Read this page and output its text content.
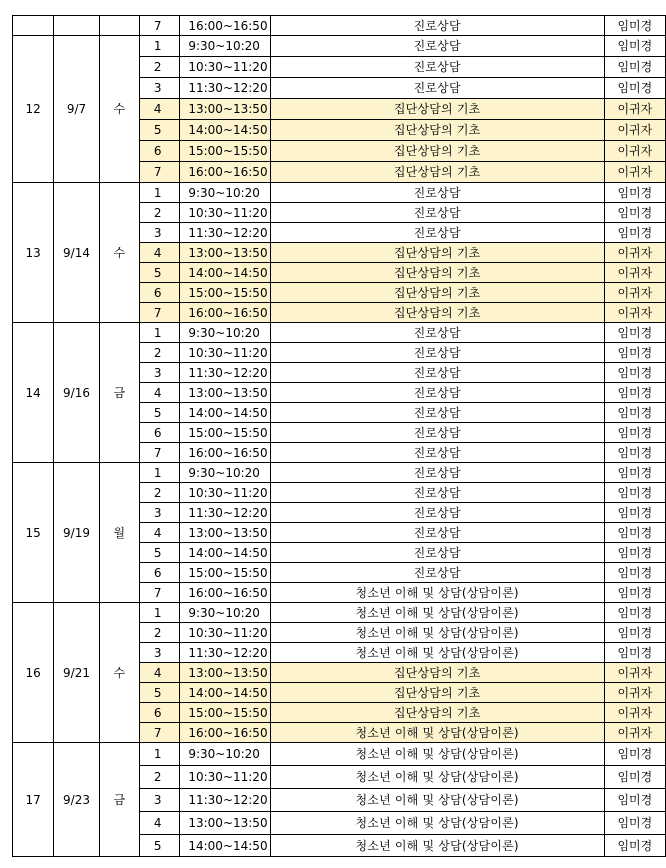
			7	16:00~16:50	진로상담	임미경
12	9/7	수	1	9:30~10:20	진로상담	임미경
			2	10:30~11:20	진로상담	임미경
			3	11:30~12:20	진로상담	임미경
			4	13:00~13:50	집단상담의 기초	이귀자
			5	14:00~14:50	집단상담의 기초	이귀자
			6	15:00~15:50	집단상담의 기초	이귀자
			7	16:00~16:50	집단상담의 기초	이귀자
13	9/14	수	1	9:30~10:20	진로상담	임미경
			2	10:30~11:20	진로상담	임미경
			3	11:30~12:20	진로상담	임미경
			4	13:00~13:50	집단상담의 기초	이귀자
			5	14:00~14:50	집단상담의 기초	이귀자
			6	15:00~15:50	집단상담의 기초	이귀자
			7	16:00~16:50	집단상담의 기초	이귀자
14	9/16	금	1	9:30~10:20	진로상담	임미경
			2	10:30~11:20	진로상담	임미경
			3	11:30~12:20	진로상담	임미경
			4	13:00~13:50	진로상담	임미경
			5	14:00~14:50	진로상담	임미경
			6	15:00~15:50	진로상담	임미경
			7	16:00~16:50	진로상담	임미경
15	9/19	월	1	9:30~10:20	진로상담	임미경
			2	10:30~11:20	진로상담	임미경
			3	11:30~12:20	진로상담	임미경
			4	13:00~13:50	진로상담	임미경
			5	14:00~14:50	진로상담	임미경
			6	15:00~15:50	진로상담	임미경
			7	16:00~16:50	청소년 이해 및 상담(상담이론)	임미경
16	9/21	수	1	9:30~10:20	청소년 이해 및 상담(상담이론)	임미경
			2	10:30~11:20	청소년 이해 및 상담(상담이론)	임미경
			3	11:30~12:20	청소년 이해 및 상담(상담이론)	임미경
			4	13:00~13:50	집단상담의 기초	이귀자
			5	14:00~14:50	집단상담의 기초	이귀자
			6	15:00~15:50	집단상담의 기초	이귀자
			7	16:00~16:50	청소년 이해 및 상담(상담이론)	이귀자
17	9/23	금	1	9:30~10:20	청소년 이해 및 상담(상담이론)	임미경
			2	10:30~11:20	청소년 이해 및 상담(상담이론)	임미경
			3	11:30~12:20	청소년 이해 및 상담(상담이론)	임미경
			4	13:00~13:50	청소년 이해 및 상담(상담이론)	임미경
			5	14:00~14:50	청소년 이해 및 상담(상담이론)	임미경
